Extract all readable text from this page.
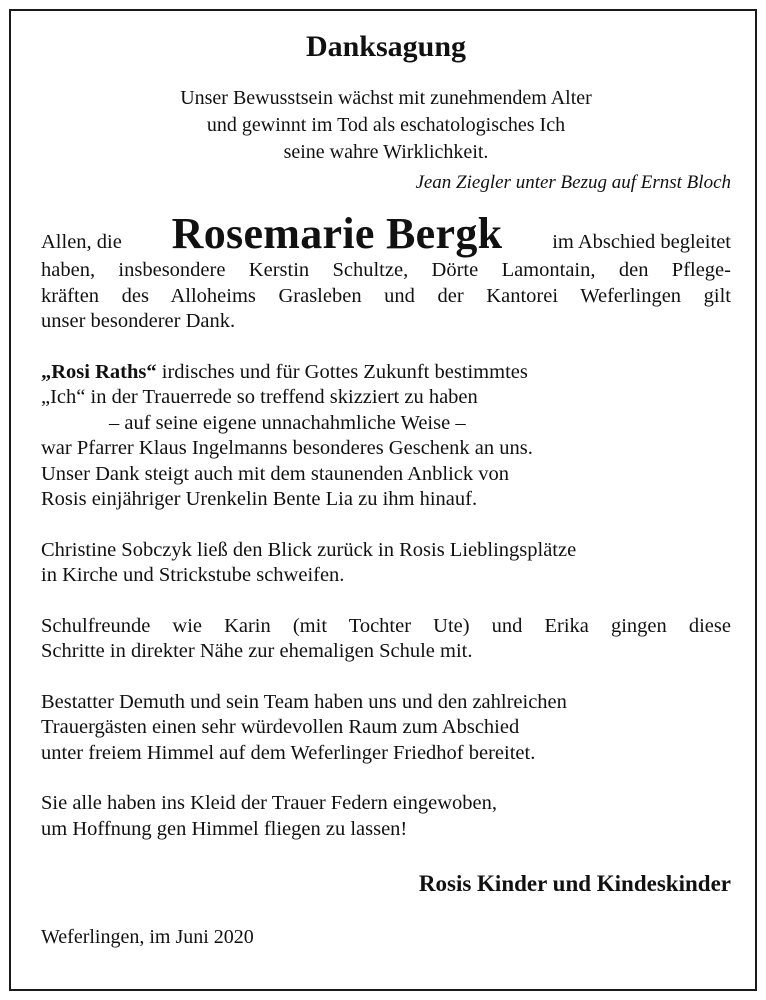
Danksagung
Unser Bewusstsein wächst mit zunehmendem Alter
und gewinnt im Tod als eschatologisches Ich
seine wahre Wirklichkeit.
Jean Ziegler unter Bezug auf Ernst Bloch
Allen, die Rosemarie Bergk im Abschied begleitet
haben, insbesondere Kerstin Schultze, Dörte Lamontain, den Pflege-
kräften des Alloheims Grasleben und der Kantorei Weferlingen gilt
unser besonderer Dank.
„Rosi Raths“ irdisches und für Gottes Zukunft bestimmtes
„Ich“ in der Trauerrede so treffend skizziert zu haben
– auf seine eigene unnachahmliche Weise –
war Pfarrer Klaus Ingelmanns besonderes Geschenk an uns.
Unser Dank steigt auch mit dem staunenden Anblick von
Rosis einjähriger Urenkelin Bente Lia zu ihm hinauf.
Christine Sobczyk ließ den Blick zurück in Rosis Lieblingsplätze
in Kirche und Strickstube schweifen.
Schulfreunde wie Karin (mit Tochter Ute) und Erika gingen diese
Schritte in direkter Nähe zur ehemaligen Schule mit.
Bestatter Demuth und sein Team haben uns und den zahlreichen
Trauergästen einen sehr würdevollen Raum zum Abschied
unter freiem Himmel auf dem Weferlinger Friedhof bereitet.
Sie alle haben ins Kleid der Trauer Federn eingewoben,
um Hoffnung gen Himmel fliegen zu lassen!
Rosis Kinder und Kindeskinder
Weferlingen, im Juni 2020
